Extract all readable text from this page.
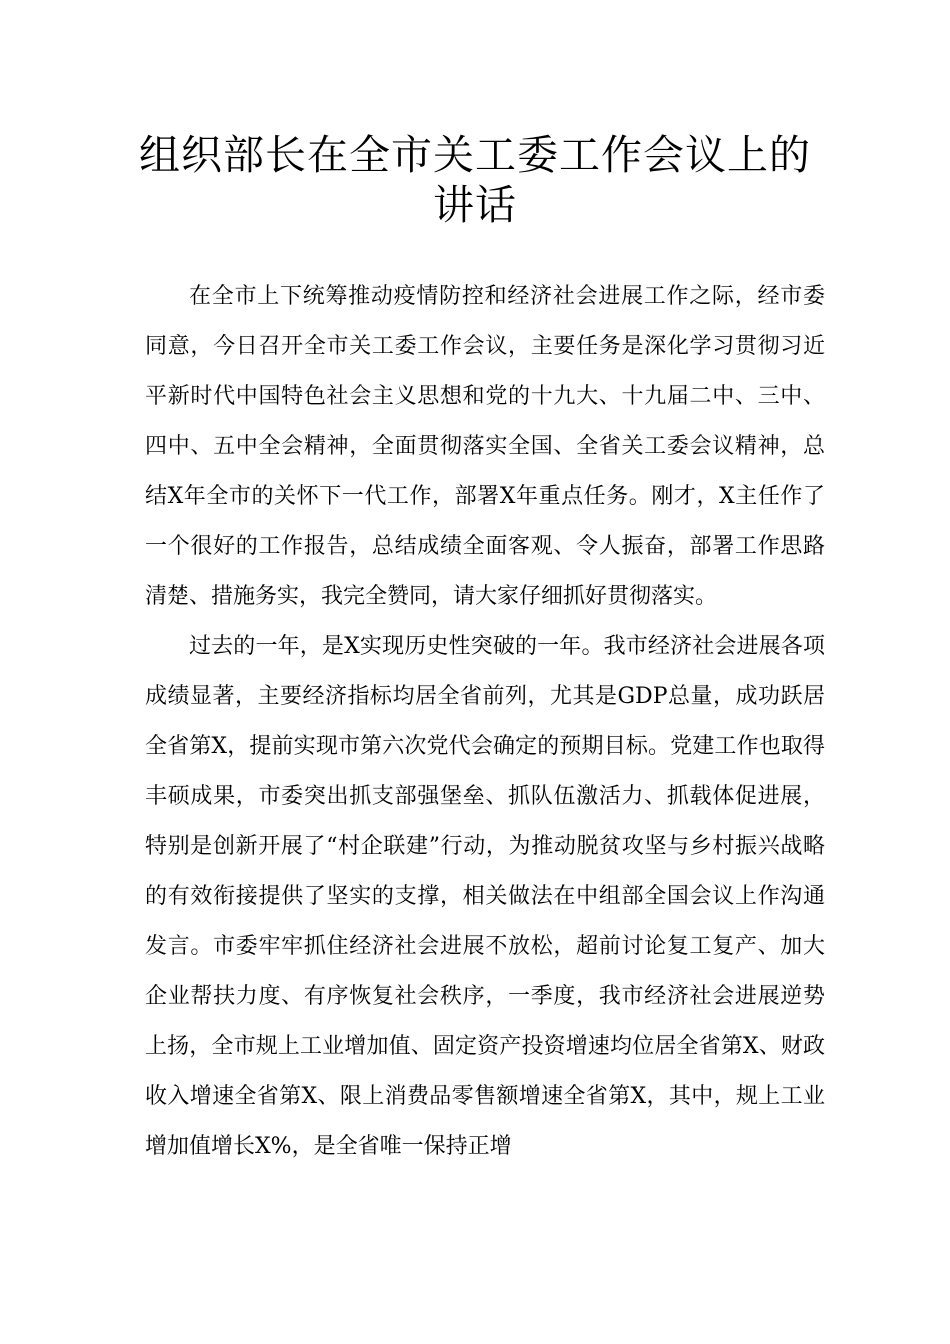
组织部长在全市关工委工作会议上的讲话

在全市上下统筹推动疫情防控和经济社会进展工作之际，经市委同意，今日召开全市关工委工作会议，主要任务是深化学习贯彻习近平新时代中国特色社会主义思想和党的十九大、十九届二中、三中、四中、五中全会精神，全面贯彻落实全国、全省关工委会议精神，总结X年全市的关怀下一代工作，部署X年重点任务。刚才，X主任作了一个很好的工作报告，总结成绩全面客观、令人振奋，部署工作思路清楚、措施务实，我完全赞同，请大家仔细抓好贯彻落实。

过去的一年，是X实现历史性突破的一年。我市经济社会进展各项成绩显著，主要经济指标均居全省前列，尤其是GDP总量，成功跃居全省第X，提前实现市第六次党代会确定的预期目标。党建工作也取得丰硕成果，市委突出抓支部强堡垒、抓队伍激活力、抓载体促进展，特别是创新开展了“村企联建”行动，为推动脱贫攻坚与乡村振兴战略的有效衔接提供了坚实的支撑，相关做法在中组部全国会议上作沟通发言。市委牢牢抓住经济社会进展不放松，超前讨论复工复产、加大企业帮扶力度、有序恢复社会秩序，一季度，我市经济社会进展逆势上扬，全市规上工业增加值、固定资产投资增速均位居全省第X、财政收入增速全省第X、限上消费品零售额增速全省第X，其中，规上工业增加值增长X%，是全省唯一保持正增
